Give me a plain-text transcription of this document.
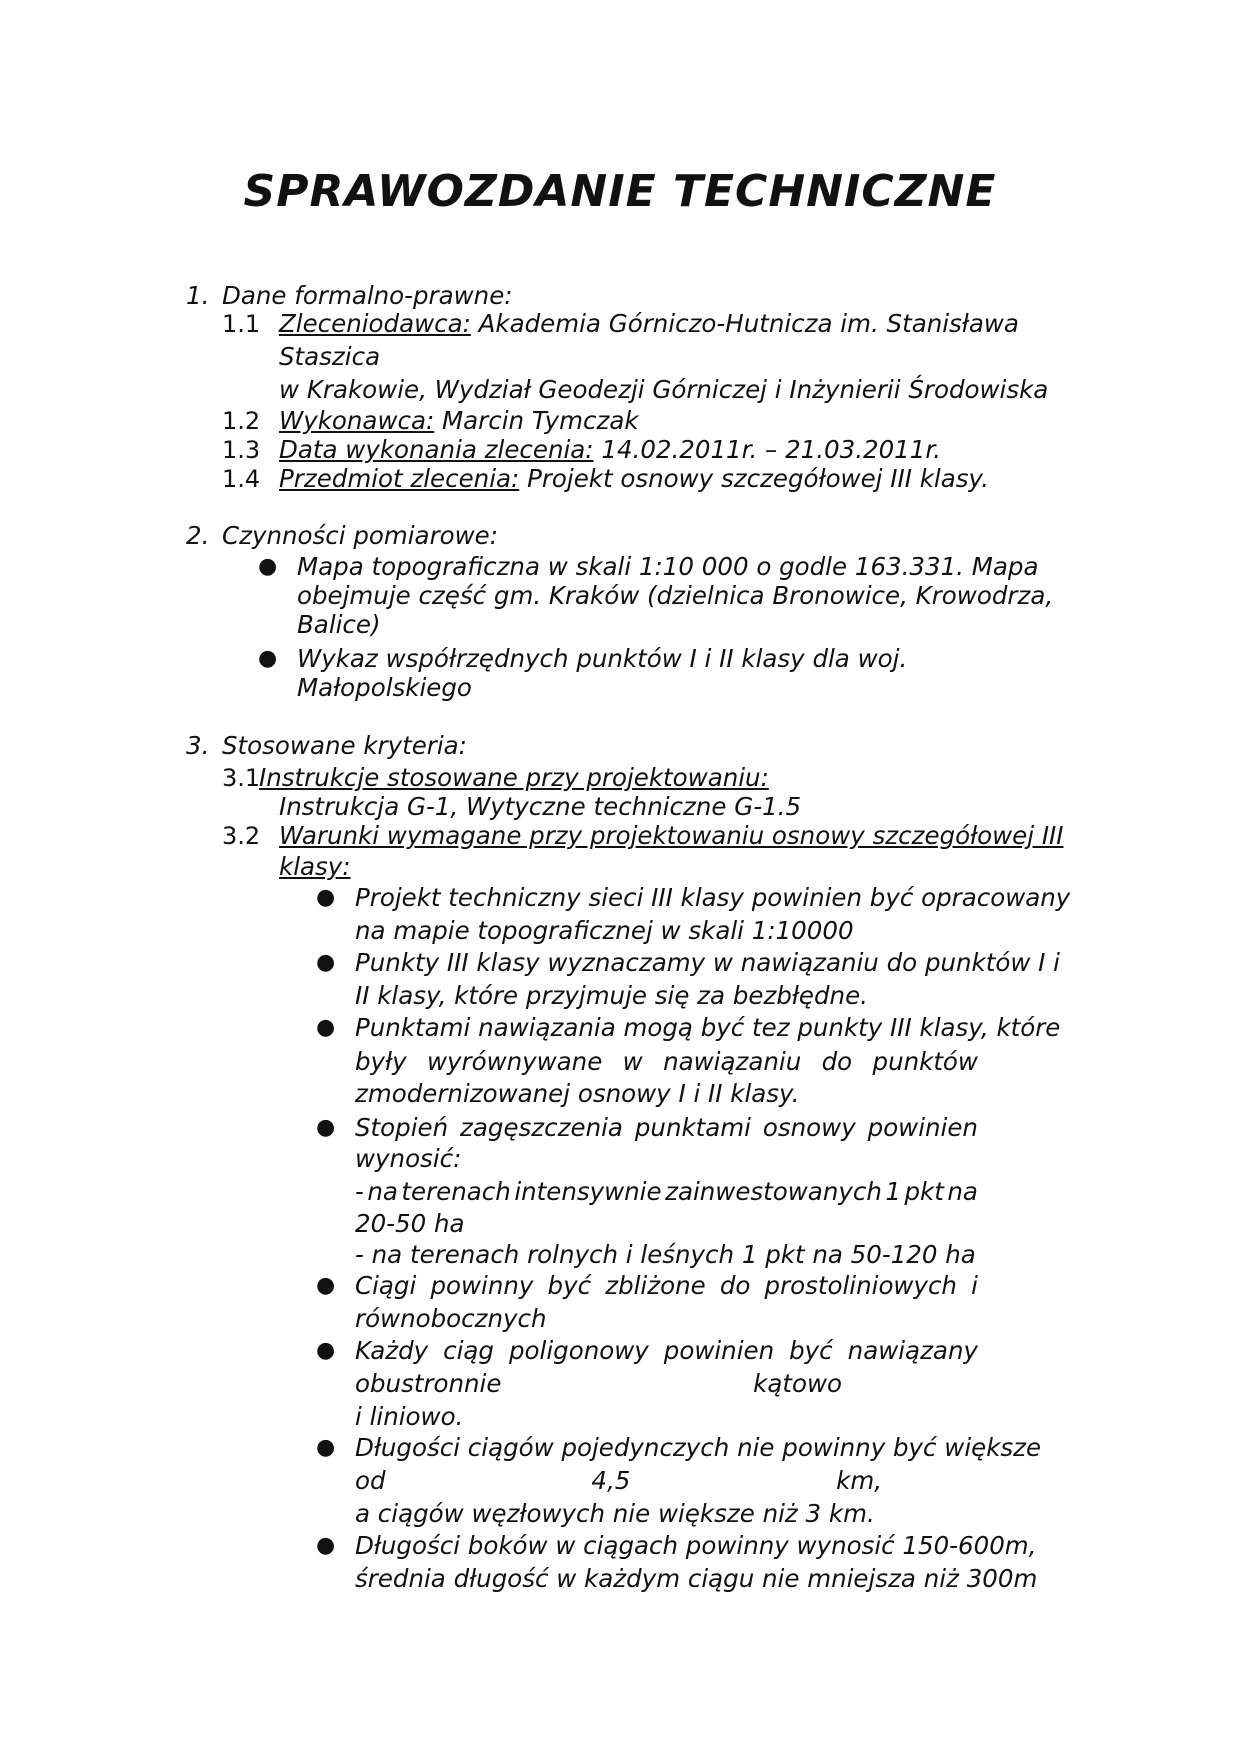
SPRAWOZDANIE TECHNICZNE
1. Dane formalno-prawne:
1.1 Zleceniodawca: Akademia Górniczo-Hutnicza im. Stanisława
Staszica
w Krakowie, Wydział Geodezji Górniczej i Inżynierii Środowiska
1.2 Wykonawca: Marcin Tymczak
1.3 Data wykonania zlecenia: 14.02.2011r. – 21.03.2011r.
1.4 Przedmiot zlecenia: Projekt osnowy szczegółowej III klasy.
2. Czynności pomiarowe:
● Mapa topograficzna w skali 1:10 000 o godle 163.331. Mapa
obejmuje część gm. Kraków (dzielnica Bronowice, Krowodrza,
Balice)
● Wykaz współrzędnych punktów I i II klasy dla woj.
Małopolskiego
3. Stosowane kryteria:
3.1
Instrukcje stosowane przy projektowaniu:
Instrukcja G-1, Wytyczne techniczne G-1.5
3.2 Warunki wymagane przy projektowaniu osnowy szczegółowej III
klasy:
● Projekt techniczny sieci III klasy powinien być opracowany
na mapie topograficznej w skali 1:10000
● Punkty III klasy wyznaczamy w nawiązaniu do punktów I i
II klasy, które przyjmuje się za bezbłędne.
● Punktami nawiązania mogą być tez punkty III klasy, które
były wyrównywane w nawiązaniu do punktów
zmodernizowanej osnowy I i II klasy.
● Stopień zagęszczenia punktami osnowy powinien
wynosić:
- na terenach intensywnie zainwestowanych 1 pkt na
20-50 ha
- na terenach rolnych i leśnych 1 pkt na 50-120 ha
● Ciągi powinny być zbliżone do prostoliniowych i
równobocznych
● Każdy ciąg poligonowy powinien być nawiązany
obustronnie	kątowo
i liniowo.
● Długości ciągów pojedynczych nie powinny być większe
od	4,5	km,
a ciągów węzłowych nie większe niż 3 km.
● Długości boków w ciągach powinny wynosić 150-600m,
średnia długość w każdym ciągu nie mniejsza niż 300m
